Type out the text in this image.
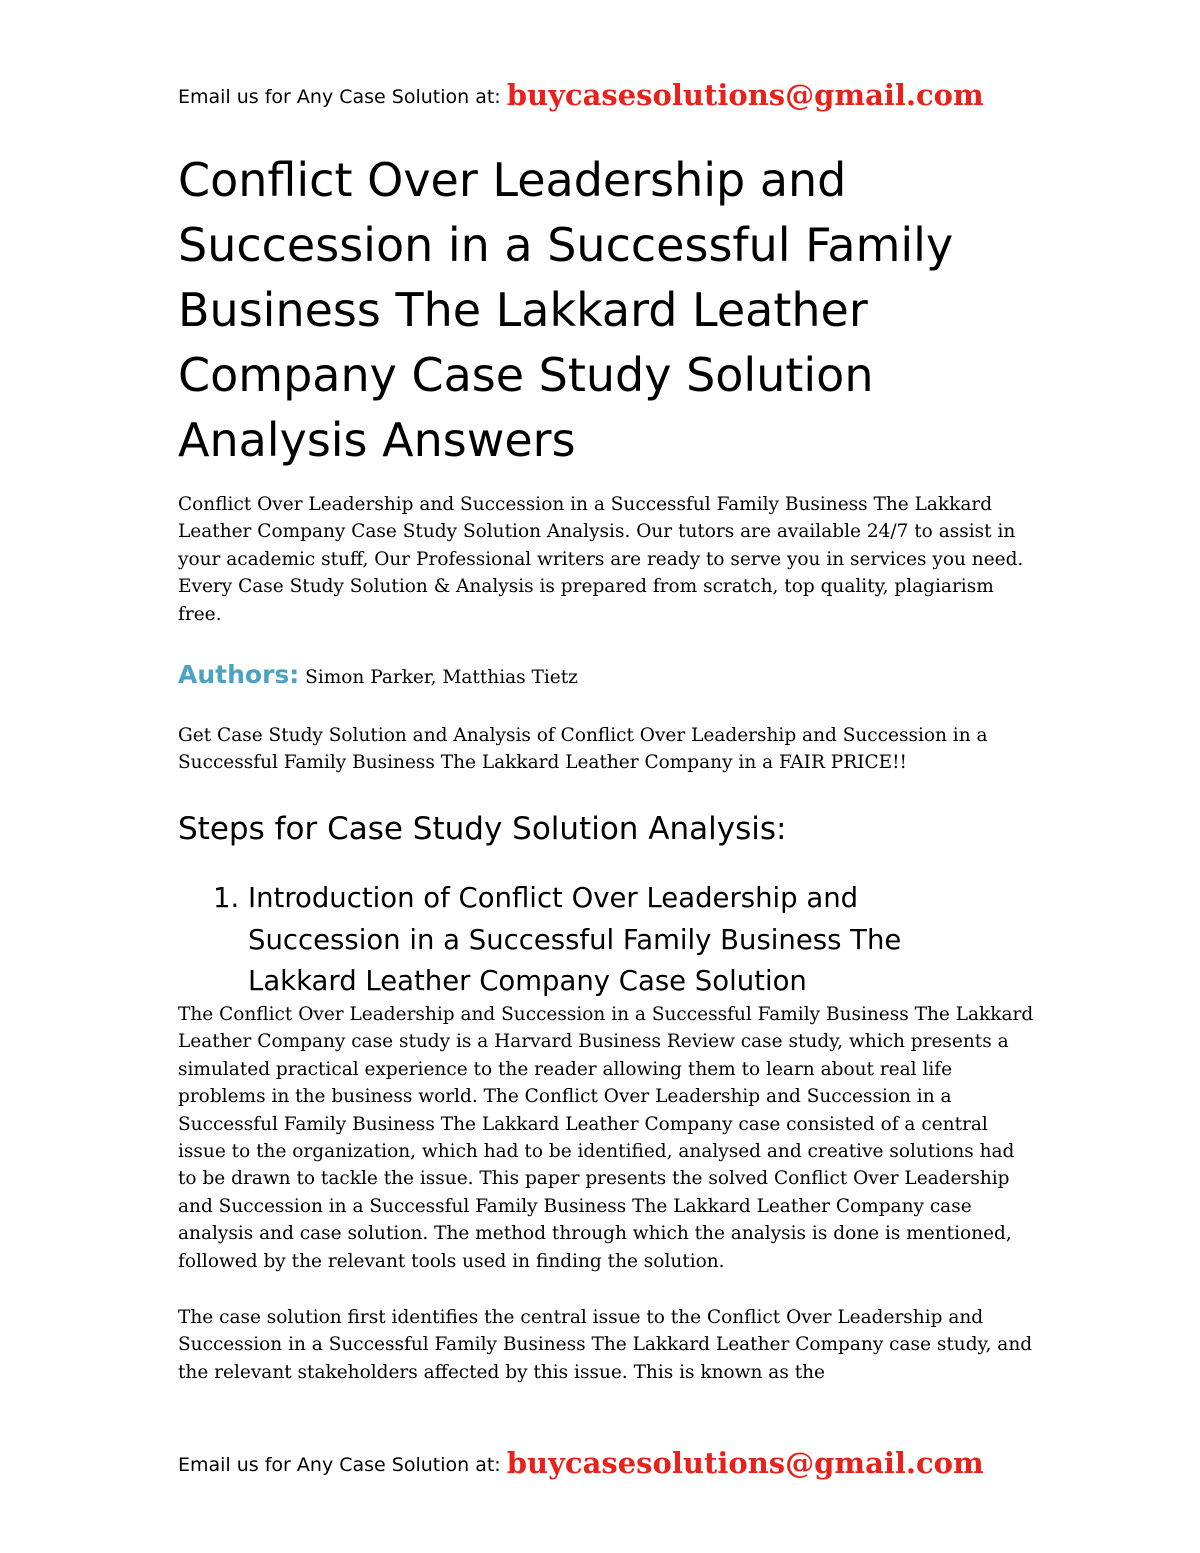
Email us for Any Case Solution at: buycasesolutions@gmail.com
Conflict Over Leadership and Succession in a Successful Family Business The Lakkard Leather Company Case Study Solution Analysis Answers

Conflict Over Leadership and Succession in a Successful Family Business The Lakkard Leather Company Case Study Solution Analysis. Our tutors are available 24/7 to assist in your academic stuff, Our Professional writers are ready to serve you in services you need. Every Case Study Solution & Analysis is prepared from scratch, top quality, plagiarism free.

Authors: Simon Parker, Matthias Tietz

Get Case Study Solution and Analysis of Conflict Over Leadership and Succession in a Successful Family Business The Lakkard Leather Company in a FAIR PRICE!!

Steps for Case Study Solution Analysis:
1. Introduction of Conflict Over Leadership and Succession in a Successful Family Business The Lakkard Leather Company Case Solution

The Conflict Over Leadership and Succession in a Successful Family Business The Lakkard Leather Company case study is a Harvard Business Review case study, which presents a simulated practical experience to the reader allowing them to learn about real life problems in the business world. The Conflict Over Leadership and Succession in a Successful Family Business The Lakkard Leather Company case consisted of a central issue to the organization, which had to be identified, analysed and creative solutions had to be drawn to tackle the issue. This paper presents the solved Conflict Over Leadership and Succession in a Successful Family Business The Lakkard Leather Company case analysis and case solution. The method through which the analysis is done is mentioned, followed by the relevant tools used in finding the solution.

The case solution first identifies the central issue to the Conflict Over Leadership and Succession in a Successful Family Business The Lakkard Leather Company case study, and the relevant stakeholders affected by this issue. This is known as the

Email us for Any Case Solution at: buycasesolutions@gmail.com
